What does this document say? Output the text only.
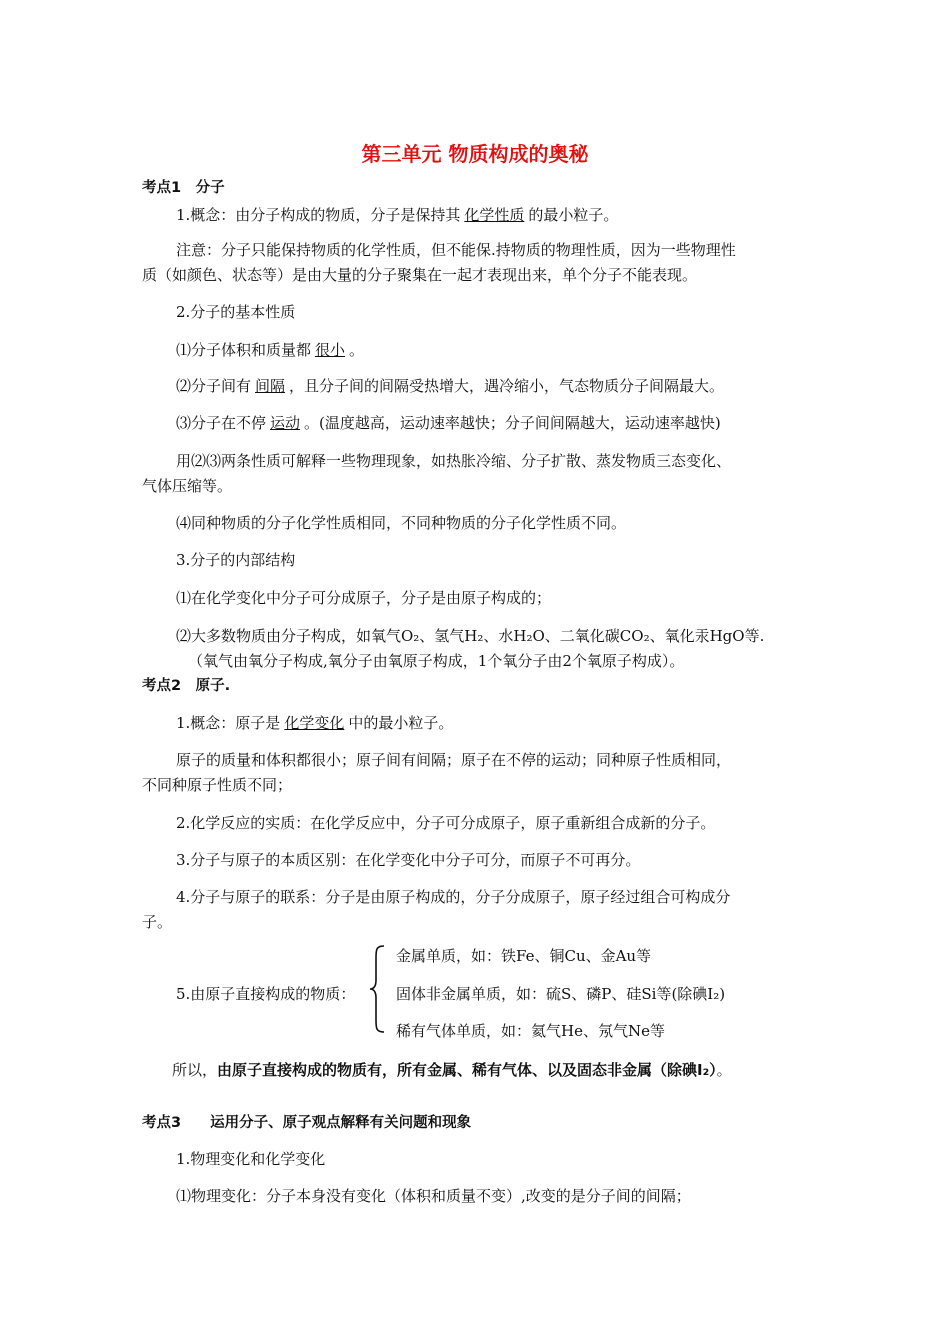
第三单元 物质构成的奥秘
考点1　分子
1.概念：由分子构成的物质，分子是保持其 化学性质 的最小粒子。
注意：分子只能保持物质的化学性质，但不能保.持物质的物理性质，因为一些物理性
质（如颜色、状态等）是由大量的分子聚集在一起才表现出来，单个分子不能表现。
2.分子的基本性质
⑴分子体积和质量都 很小 。
⑵分子间有 间隔 ，且分子间的间隔受热增大，遇冷缩小，气态物质分子间隔最大。
⑶分子在不停 运动 。(温度越高，运动速率越快；分子间间隔越大，运动速率越快)
用⑵⑶两条性质可解释一些物理现象，如热胀冷缩、分子扩散、蒸发物质三态变化、
气体压缩等。
⑷同种物质的分子化学性质相同，不同种物质的分子化学性质不同。
3.分子的内部结构
⑴在化学变化中分子可分成原子，分子是由原子构成的；
⑵大多数物质由分子构成，如氧气O₂、氢气H₂、水H₂O、二氧化碳CO₂、氧化汞HgO等.
（氧气由氧分子构成,氧分子由氧原子构成，1个氧分子由2个氧原子构成）。
考点2　原子.
1.概念：原子是 化学变化 中的最小粒子。
原子的质量和体积都很小；原子间有间隔；原子在不停的运动；同种原子性质相同，
不同种原子性质不同；
2.化学反应的实质：在化学反应中，分子可分成原子，原子重新组合成新的分子。
3.分子与原子的本质区别：在化学变化中分子可分，而原子不可再分。
4.分子与原子的联系：分子是由原子构成的，分子分成原子，原子经过组合可构成分
子。
5.由原子直接构成的物质：
金属单质，如：铁Fe、铜Cu、金Au等
固体非金属单质，如：硫S、磷P、硅Si等(除碘I₂)
稀有气体单质，如：氦气He、氖气Ne等
所以，由原子直接构成的物质有，所有金属、稀有气体、以及固态非金属（除碘I₂）。
考点3　　运用分子、原子观点解释有关问题和现象
1.物理变化和化学变化
⑴物理变化：分子本身没有变化（体积和质量不变）,改变的是分子间的间隔；
